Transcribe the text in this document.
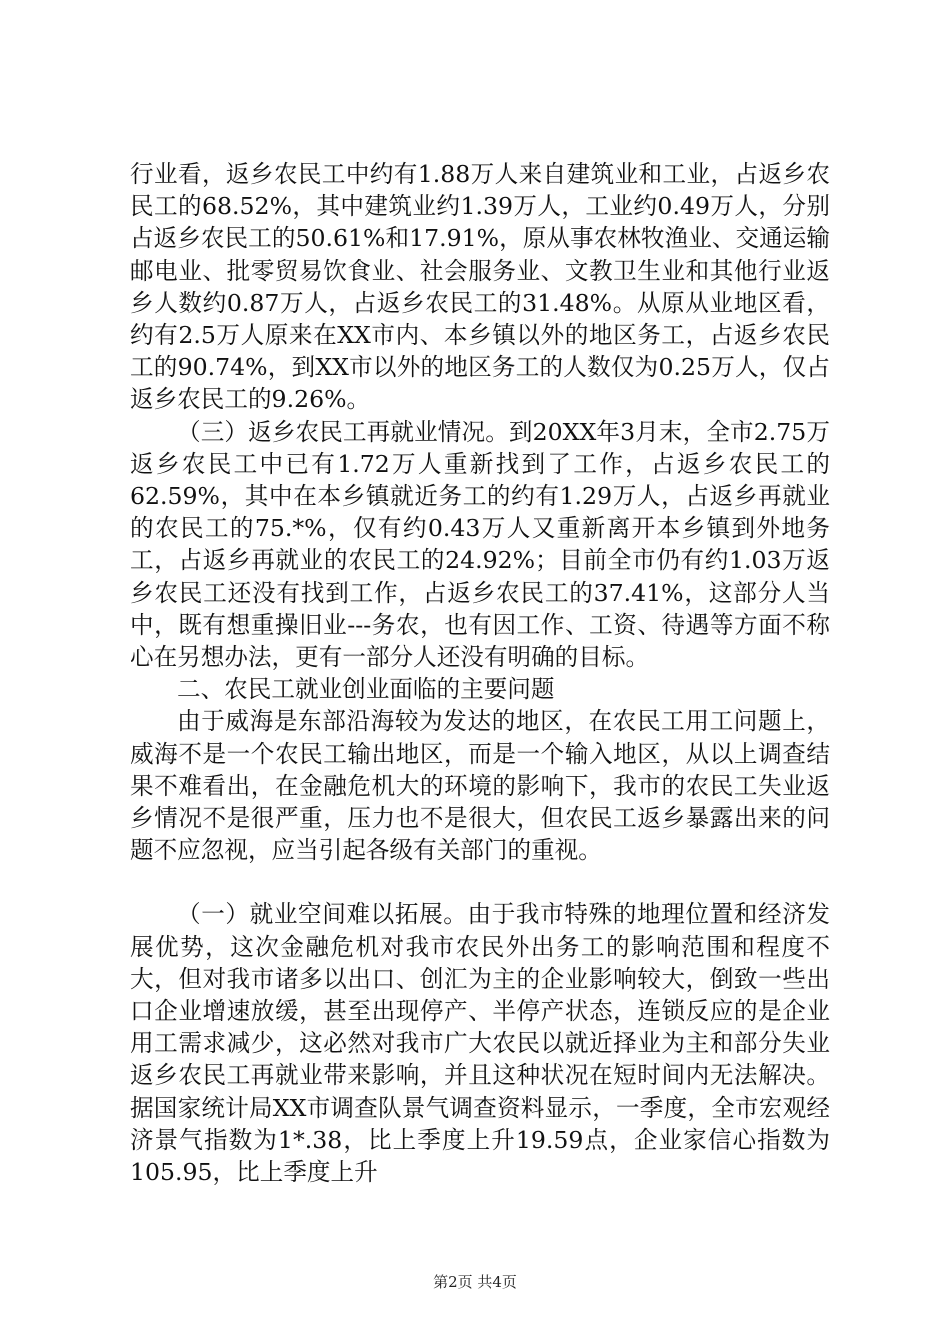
行业看，返乡农民工中约有1.88万人来自建筑业和工业，占返乡农民工的68.52%，其中建筑业约1.39万人，工业约0.49万人，分别占返乡农民工的50.61%和17.91%，原从事农林牧渔业、交通运输邮电业、批零贸易饮食业、社会服务业、文教卫生业和其他行业返乡人数约0.87万人，占返乡农民工的31.48%。从原从业地区看，约有2.5万人原来在XX市内、本乡镇以外的地区务工，占返乡农民工的90.74%，到XX市以外的地区务工的人数仅为0.25万人，仅占返乡农民工的9.26%。

（三）返乡农民工再就业情况。到20XX年3月末，全市2.75万返乡农民工中已有1.72万人重新找到了工作，占返乡农民工的62.59%，其中在本乡镇就近务工的约有1.29万人，占返乡再就业的农民工的75.*%，仅有约0.43万人又重新离开本乡镇到外地务工，占返乡再就业的农民工的24.92%；目前全市仍有约1.03万返乡农民工还没有找到工作，占返乡农民工的37.41%，这部分人当中，既有想重操旧业---务农，也有因工作、工资、待遇等方面不称心在另想办法，更有一部分人还没有明确的目标。

二、农民工就业创业面临的主要问题

由于威海是东部沿海较为发达的地区，在农民工用工问题上，威海不是一个农民工输出地区，而是一个输入地区，从以上调查结果不难看出，在金融危机大的环境的影响下，我市的农民工失业返乡情况不是很严重，压力也不是很大，但农民工返乡暴露出来的问题不应忽视，应当引起各级有关部门的重视。

（一）就业空间难以拓展。由于我市特殊的地理位置和经济发展优势，这次金融危机对我市农民外出务工的影响范围和程度不大，但对我市诸多以出口、创汇为主的企业影响较大，倒致一些出口企业增速放缓，甚至出现停产、半停产状态，连锁反应的是企业用工需求减少，这必然对我市广大农民以就近择业为主和部分失业返乡农民工再就业带来影响，并且这种状况在短时间内无法解决。据国家统计局XX市调查队景气调查资料显示，一季度，全市宏观经济景气指数为1*.38，比上季度上升19.59点，企业家信心指数为105.95，比上季度上升

第2页 共4页
